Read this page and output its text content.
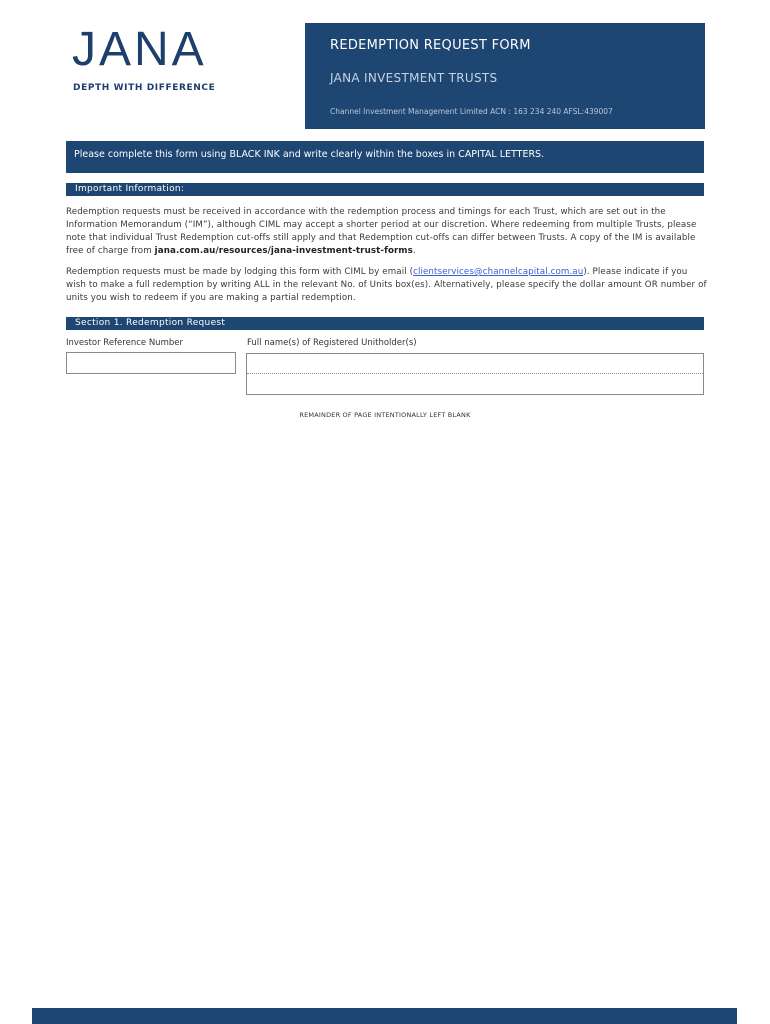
JANA
DEPTH WITH DIFFERENCE
REDEMPTION REQUEST FORM
JANA INVESTMENT TRUSTS
Channel Investment Management Limited ACN : 163 234 240 AFSL:439007
Please complete this form using BLACK INK and write clearly within the boxes in CAPITAL LETTERS.
Important Information:

Redemption requests must be received in accordance with the redemption process and timings for each Trust, which are set out in the Information Memorandum (“IM”), although CIML may accept a shorter period at our discretion. Where redeeming from multiple Trusts, please note that individual Trust Redemption cut-offs still apply and that Redemption cut-offs can differ between Trusts. A copy of the IM is available free of charge from jana.com.au/resources/jana-investment-trust-forms.

Redemption requests must be made by lodging this form with CIML by email (clientservices@channelcapital.com.au). Please indicate if you wish to make a full redemption by writing ALL in the relevant No. of Units box(es). Alternatively, please specify the dollar amount OR number of units you wish to redeem if you are making a partial redemption.

Section 1. Redemption Request
Investor Reference Number	Full name(s) of Registered Unitholder(s)
REMAINDER OF PAGE INTENTIONALLY LEFT BLANK
